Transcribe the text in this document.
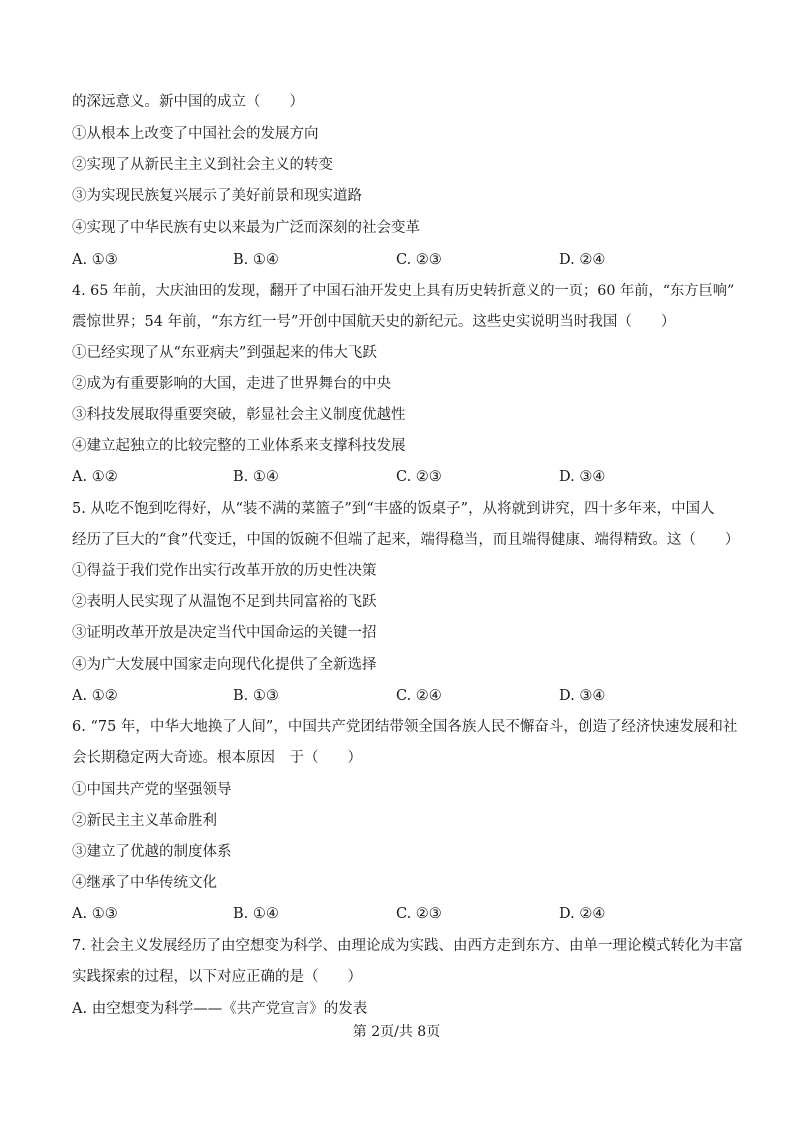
的深远意义。新中国的成立（　　）
①从根本上改变了中国社会的发展方向
②实现了从新民主主义到社会主义的转变
③为实现民族复兴展示了美好前景和现实道路
④实现了中华民族有史以来最为广泛而深刻的社会变革
A. ①③	B. ①④	C. ②③	D. ②④
4. 65 年前，大庆油田的发现，翻开了中国石油开发史上具有历史转折意义的一页；60 年前，“东方巨响”
震惊世界；54 年前，“东方红一号”开创中国航天史的新纪元。这些史实说明当时我国（　　）
①已经实现了从“东亚病夫”到强起来的伟大飞跃
②成为有重要影响的大国，走进了世界舞台的中央
③科技发展取得重要突破，彰显社会主义制度优越性
④建立起独立的比较完整的工业体系来支撑科技发展
A. ①②	B. ①④	C. ②③	D. ③④
5. 从吃不饱到吃得好，从“装不满的菜篮子”到“丰盛的饭桌子”，从将就到讲究，四十多年来，中国人
经历了巨大的“食”代变迁，中国的饭碗不但端了起来，端得稳当，而且端得健康、端得精致。这（　　）
①得益于我们党作出实行改革开放的历史性决策
②表明人民实现了从温饱不足到共同富裕的飞跃
③证明改革开放是决定当代中国命运的关键一招
④为广大发展中国家走向现代化提供了全新选择
A. ①②	B. ①③	C. ②④	D. ③④
6. “75 年，中华大地换了人间”，中国共产党团结带领全国各族人民不懈奋斗，创造了经济快速发展和社
会长期稳定两大奇迹。根本原因　于（　　）
①中国共产党的坚强领导
②新民主主义革命胜利
③建立了优越的制度体系
④继承了中华传统文化
A. ①③	B. ①④	C. ②③	D. ②④
7. 社会主义发展经历了由空想变为科学、由理论成为实践、由西方走到东方、由单一理论模式转化为丰富
实践探索的过程，以下对应正确的是（　　）
A. 由空想变为科学——《共产党宣言》的发表
第 2页/共 8页
